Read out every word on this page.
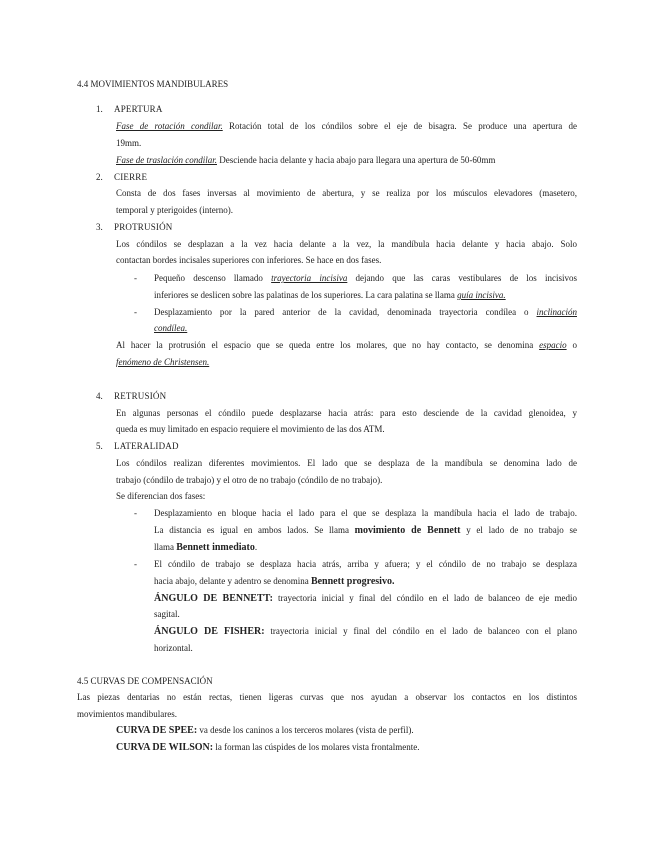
4.4 MOVIMIENTOS MANDIBULARES
1.	APERTURA
Fase de rotación condilar. Rotación total de los cóndilos sobre el eje de bisagra. Se produce una apertura de
19mm.
Fase de traslación condilar. Desciende hacia delante y hacia abajo para llegara una apertura de 50-60mm
2.	CIERRE
Consta de dos fases inversas al movimiento de abertura, y se realiza por los músculos elevadores (masetero,
temporal y pterigoides (interno).
3.	PROTRUSIÓN
Los cóndilos se desplazan a la vez hacia delante a la vez, la mandíbula hacia delante y hacia abajo. Solo
contactan bordes incisales superiores con inferiores. Se hace en dos fases.
- Pequeño descenso llamado trayectoria incisiva dejando que las caras vestibulares de los incisivos
inferiores se deslicen sobre las palatinas de los superiores. La cara palatina se llama guía incisiva.
- Desplazamiento por la pared anterior de la cavidad, denominada trayectoria condílea o inclinación
condílea.
Al hacer la protrusión el espacio que se queda entre los molares, que no hay contacto, se denomina espacio o
fenómeno de Christensen.
4.	RETRUSIÓN
En algunas personas el cóndilo puede desplazarse hacia atrás: para esto desciende de la cavidad glenoidea, y
queda es muy limitado en espacio requiere el movimiento de las dos ATM.
5.	LATERALIDAD
Los cóndilos realizan diferentes movimientos. El lado que se desplaza de la mandíbula se denomina lado de
trabajo (cóndilo de trabajo) y el otro de no trabajo (cóndilo de no trabajo).
Se diferencian dos fases:
- Desplazamiento en bloque hacia el lado para el que se desplaza la mandíbula hacia el lado de trabajo.
La distancia es igual en ambos lados. Se llama movimiento de Bennett y el lado de no trabajo se
llama Bennett inmediato.
- El cóndilo de trabajo se desplaza hacia atrás, arriba y afuera; y el cóndilo de no trabajo se desplaza
hacia abajo, delante y adentro se denomina Bennett progresivo.
ÁNGULO DE BENNETT: trayectoria inicial y final del cóndilo en el lado de balanceo de eje medio
sagital.
ÁNGULO DE FISHER: trayectoria inicial y final del cóndilo en el lado de balanceo con el plano
horizontal.
4.5 CURVAS DE COMPENSACIÓN
Las piezas dentarias no están rectas, tienen ligeras curvas que nos ayudan a observar los contactos en los distintos
movimientos mandibulares.
CURVA DE SPEE: va desde los caninos a los terceros molares (vista de perfil).
CURVA DE WILSON: la forman las cúspides de los molares vista frontalmente.
